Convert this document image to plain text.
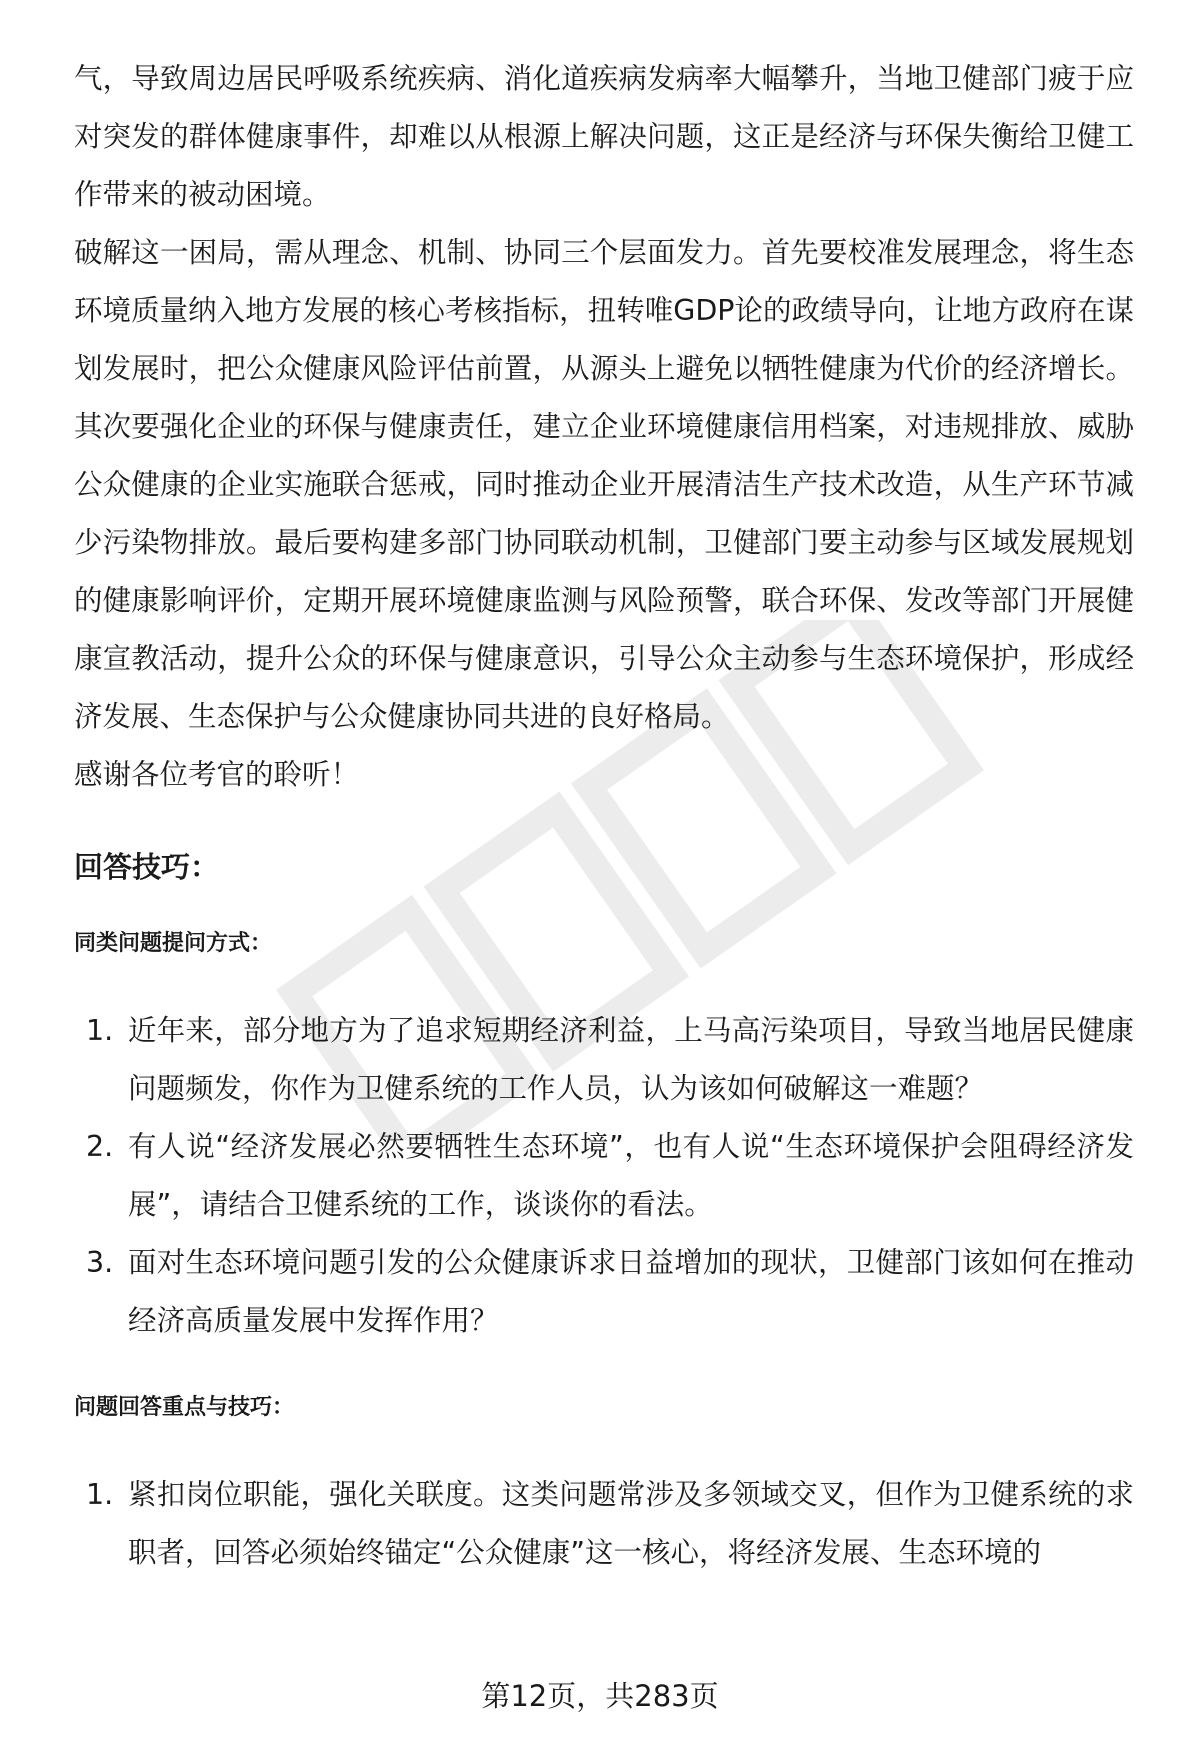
气，导致周边居民呼吸系统疾病、消化道疾病发病率大幅攀升，当地卫健部门疲于应对突发的群体健康事件，却难以从根源上解决问题，这正是经济与环保失衡给卫健工作带来的被动困境。

破解这一困局，需从理念、机制、协同三个层面发力。首先要校准发展理念，将生态环境质量纳入地方发展的核心考核指标，扭转唯GDP论的政绩导向，让地方政府在谋划发展时，把公众健康风险评估前置，从源头上避免以牺牲健康为代价的经济增长。其次要强化企业的环保与健康责任，建立企业环境健康信用档案，对违规排放、威胁公众健康的企业实施联合惩戒，同时推动企业开展清洁生产技术改造，从生产环节减少污染物排放。最后要构建多部门协同联动机制，卫健部门要主动参与区域发展规划的健康影响评价，定期开展环境健康监测与风险预警，联合环保、发改等部门开展健康宣教活动，提升公众的环保与健康意识，引导公众主动参与生态环境保护，形成经济发展、生态保护与公众健康协同共进的良好格局。

感谢各位考官的聆听！

回答技巧：

同类问题提问方式：

1. 近年来，部分地方为了追求短期经济利益，上马高污染项目，导致当地居民健康问题频发，你作为卫健系统的工作人员，认为该如何破解这一难题？
2. 有人说“经济发展必然要牺牲生态环境”，也有人说“生态环境保护会阻碍经济发展”，请结合卫健系统的工作，谈谈你的看法。
3. 面对生态环境问题引发的公众健康诉求日益增加的现状，卫健部门该如何在推动经济高质量发展中发挥作用？

问题回答重点与技巧：

1. 紧扣岗位职能，强化关联度。这类问题常涉及多领域交叉，但作为卫健系统的求职者，回答必须始终锚定“公众健康”这一核心，将经济发展、生态环境的
第12页，共283页
